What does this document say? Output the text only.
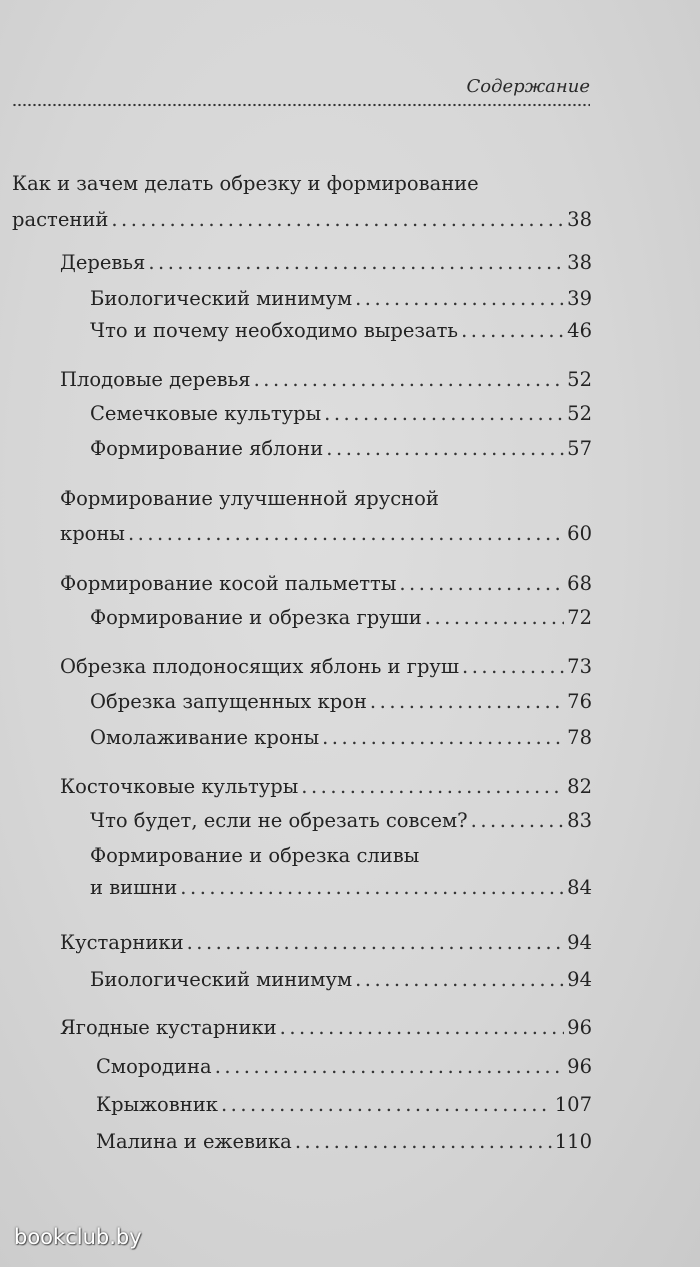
Содержание
Как и зачем делать обрезку и формирование
растений .....	38
Деревья .....	38
Биологический минимум .....	39
Что и почему необходимо вырезать .....	46
Плодовые деревья .....	52
Семечковые культуры .....	52
Формирование яблони .....	57
Формирование улучшенной ярусной
кроны .....	60
Формирование косой пальметты .....	68
Формирование и обрезка груши .....	72
Обрезка плодоносящих яблонь и груш .....	73
Обрезка запущенных крон .....	76
Омолаживание кроны .....	78
Косточковые культуры .....	82
Что будет, если не обрезать совсем? .....	83
Формирование и обрезка сливы
и вишни .....	84
Кустарники .....	94
Биологический минимум .....	94
Ягодные кустарники .....	96
Смородина .....	96
Крыжовник .....	107
Малина и ежевика .....	110
bookclub.by
